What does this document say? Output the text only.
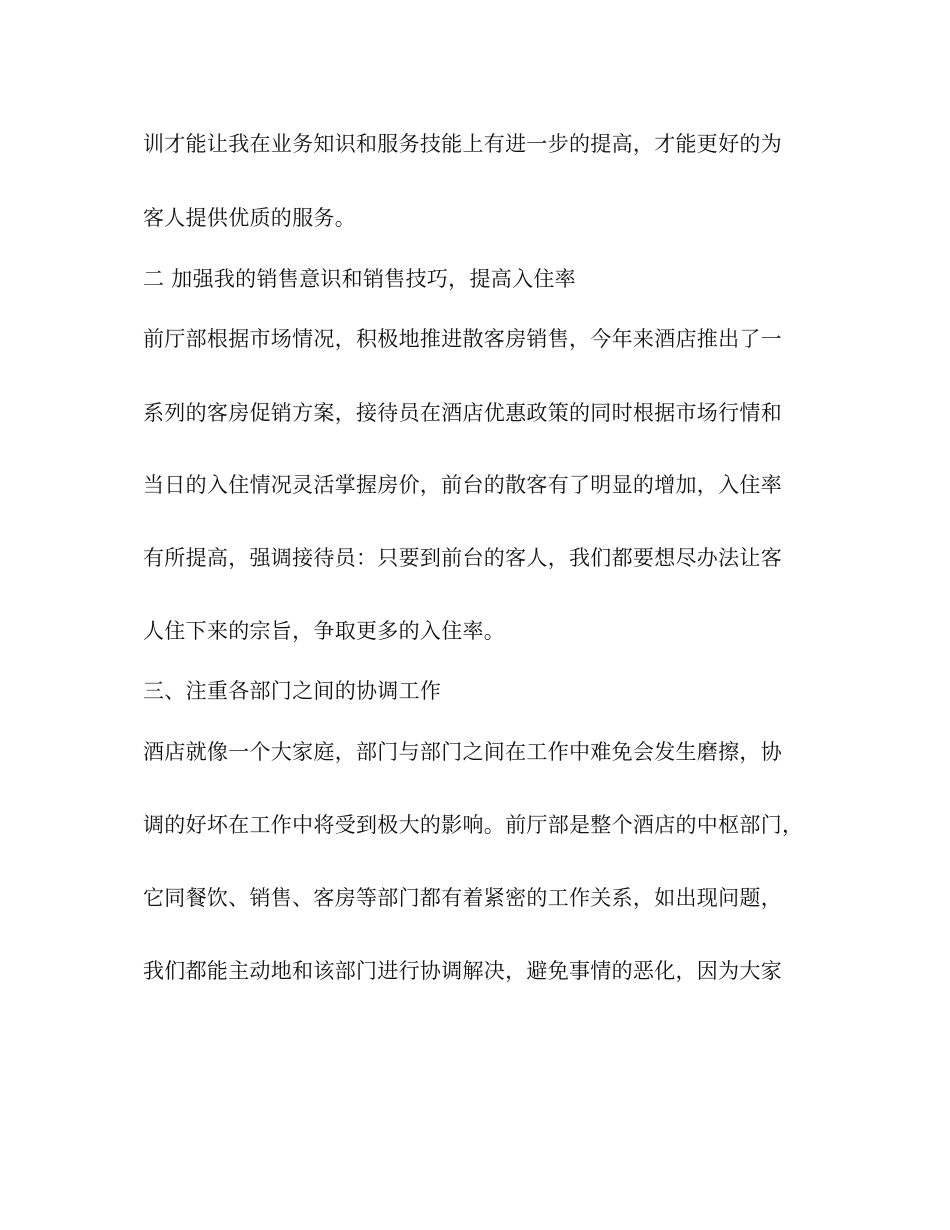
训才能让我在业务知识和服务技能上有进一步的提高，才能更好的为
客人提供优质的服务。
二 加强我的销售意识和销售技巧，提高入住率
前厅部根据市场情况，积极地推进散客房销售，今年来酒店推出了一
系列的客房促销方案，接待员在酒店优惠政策的同时根据市场行情和
当日的入住情况灵活掌握房价，前台的散客有了明显的增加，入住率
有所提高，强调接待员：只要到前台的客人，我们都要想尽办法让客
人住下来的宗旨，争取更多的入住率。
三、注重各部门之间的协调工作
酒店就像一个大家庭，部门与部门之间在工作中难免会发生磨擦，协
调的好坏在工作中将受到极大的影响。前厅部是整个酒店的中枢部门，
它同餐饮、销售、客房等部门都有着紧密的工作关系，如出现问题，
我们都能主动地和该部门进行协调解决，避免事情的恶化，因为大家
